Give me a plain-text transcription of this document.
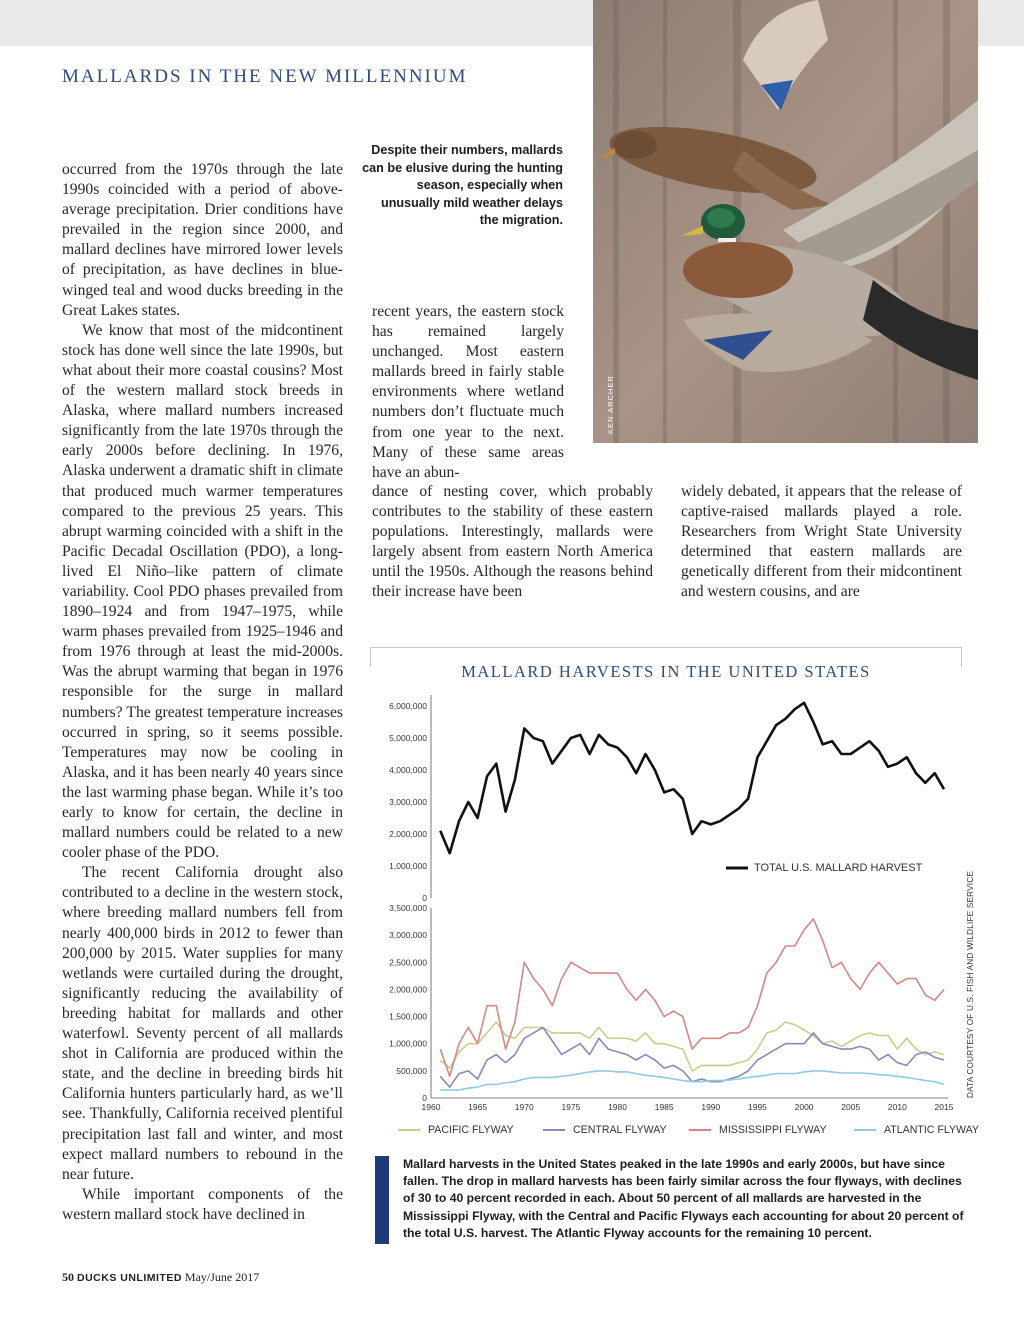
MALLARDS IN THE NEW MILLENNIUM

occurred from the 1970s through the late 1990s coincided with a period of above-average precipitation. Drier conditions have prevailed in the region since 2000, and mallard declines have mirrored lower levels of precipitation, as have declines in blue-winged teal and wood ducks breeding in the Great Lakes states.

We know that most of the midcontinent stock has done well since the late 1990s, but what about their more coastal cousins? Most of the western mallard stock breeds in Alaska, where mallard numbers increased significantly from the late 1970s through the early 2000s before declining. In 1976, Alaska underwent a dramatic shift in climate that produced much warmer temperatures compared to the previous 25 years. This abrupt warming coincided with a shift in the Pacific Decadal Oscillation (PDO), a long-lived El Niño–like pattern of climate variability. Cool PDO phases prevailed from 1890–1924 and from 1947–1975, while warm phases prevailed from 1925–1946 and from 1976 through at least the mid-2000s. Was the abrupt warming that began in 1976 responsible for the surge in mallard numbers? The greatest temperature increases occurred in spring, so it seems possible. Temperatures may now be cooling in Alaska, and it has been nearly 40 years since the last warming phase began. While it’s too early to know for certain, the decline in mallard numbers could be related to a new cooler phase of the PDO.

The recent California drought also contributed to a decline in the western stock, where breeding mallard numbers fell from nearly 400,000 birds in 2012 to fewer than 200,000 by 2015. Water supplies for many wetlands were curtailed during the drought, significantly reducing the availability of breeding habitat for mallards and other waterfowl. Seventy percent of all mallards shot in California are produced within the state, and the decline in breeding birds hit California hunters particularly hard, as we’ll see. Thankfully, California received plentiful precipitation last fall and winter, and most expect mallard numbers to rebound in the near future.

While important components of the western mallard stock have declined in

Despite their numbers, mallards can be elusive during the hunting season, especially when unusually mild weather delays the migration.
KEN ARCHER

recent years, the eastern stock has remained largely unchanged. Most eastern mallards breed in fairly stable environments where wetland numbers don’t fluctuate much from one year to the next. Many of these same areas have an abun-

dance of nesting cover, which probably contributes to the stability of these eastern populations. Interestingly, mallards were largely absent from eastern North America until the 1950s. Although the reasons behind their increase have been

widely debated, it appears that the release of captive-raised mallards played a role. Researchers from Wright State University determined that eastern mallards are genetically different from their midcontinent and western cousins, and are

MALLARD HARVESTS IN THE UNITED STATES
6,000,000
5,000,000
4,000,000
3,000,000
2,000,000
1,000,000
0
TOTAL U.S. MALLARD HARVEST
3,500,000
3,000,000
2,500,000
2,000,000
1,500,000
1,000,000
500,000
0
1960	1965	1970	1975	1980	1985	1990	1995	2000	2005	2010	2015
DATA COURTESY OF U.S. FISH AND WILDLIFE SERVICE
PACIFIC FLYWAY	CENTRAL FLYWAY	MISSISSIPPI FLYWAY	ATLANTIC FLYWAY
Mallard harvests in the United States peaked in the late 1990s and early 2000s, but have since fallen. The drop in mallard harvests has been fairly similar across the four flyways, with declines of 30 to 40 percent recorded in each. About 50 percent of all mallards are harvested in the Mississippi Flyway, with the Central and Pacific Flyways each accounting for about 20 percent of the total U.S. harvest. The Atlantic Flyway accounts for the remaining 10 percent.
50 DUCKS UNLIMITED May/June 2017
